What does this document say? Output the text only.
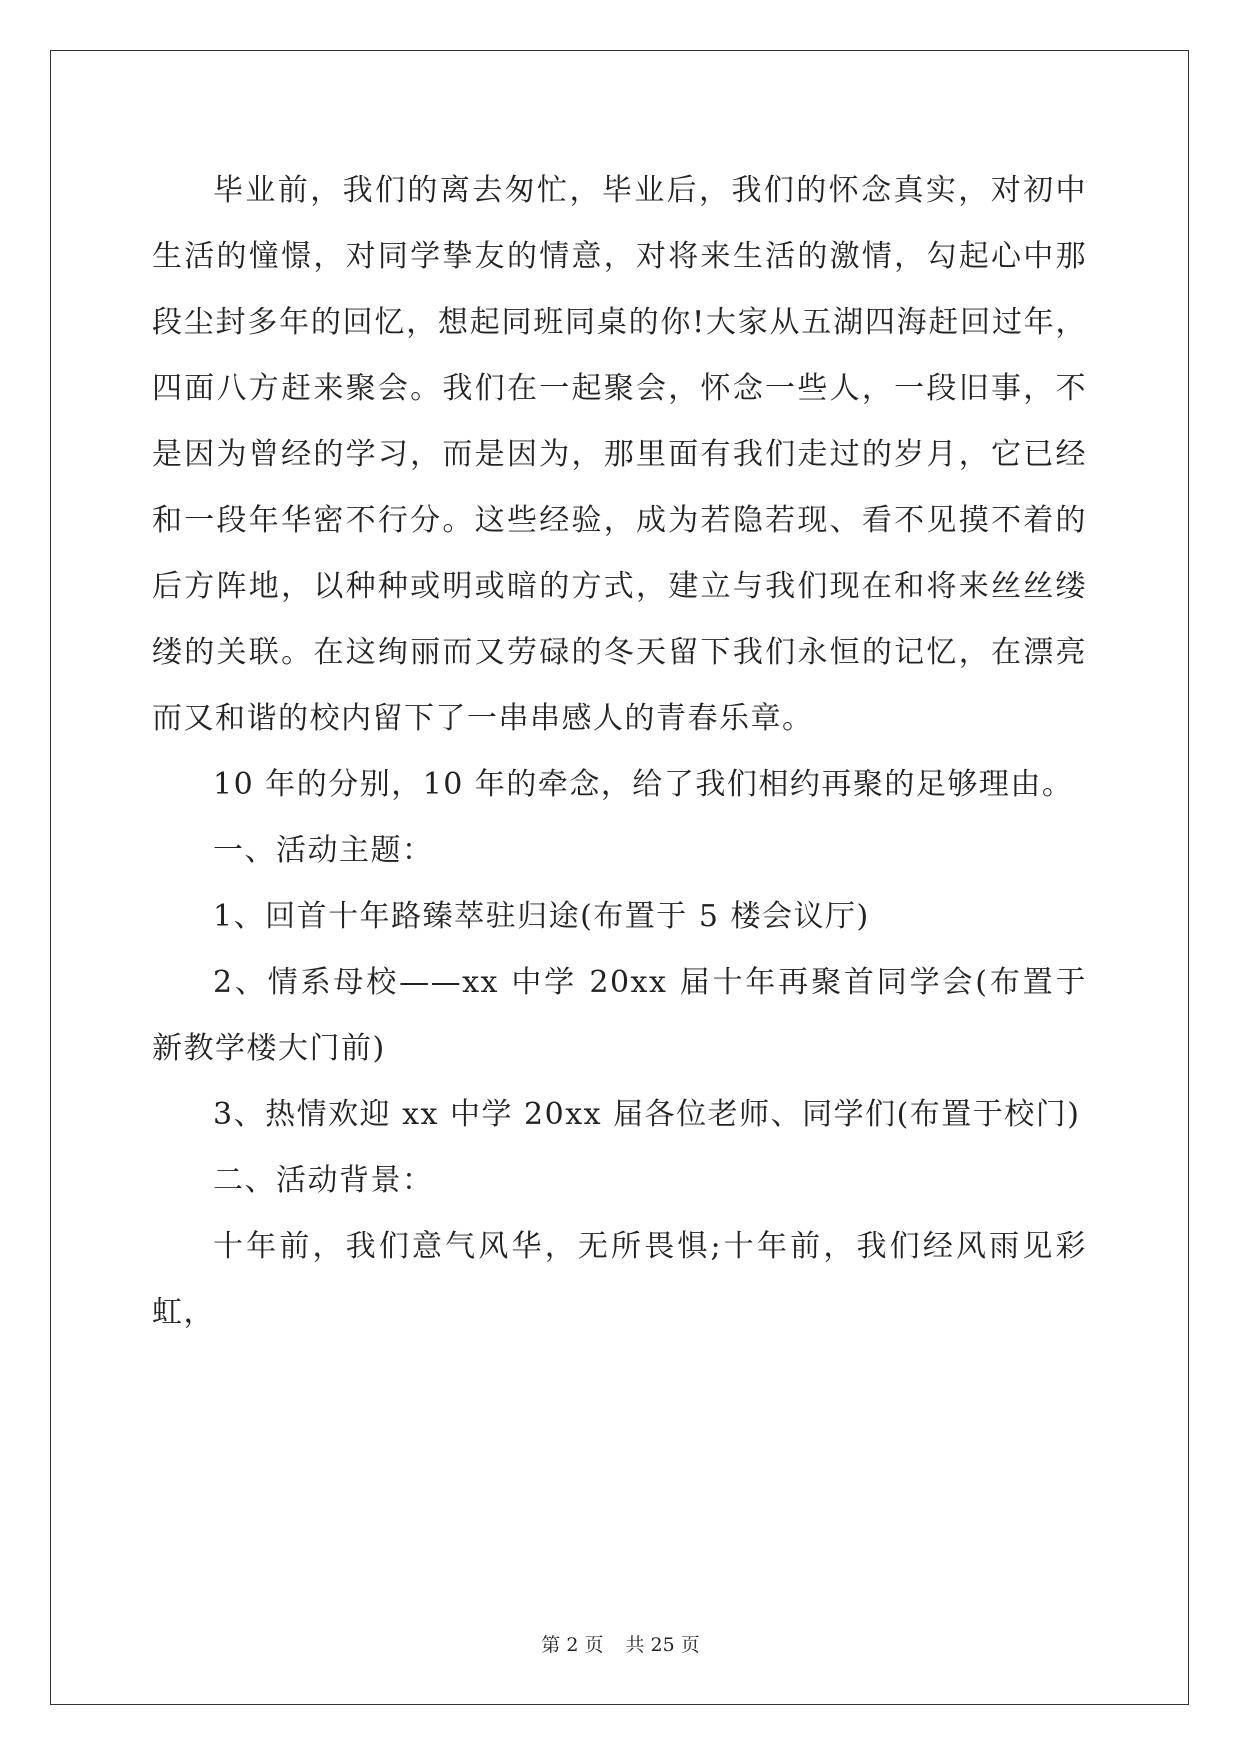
毕业前，我们的离去匆忙，毕业后，我们的怀念真实，对初中生活的憧憬，对同学挚友的情意，对将来生活的激情，勾起心中那段尘封多年的回忆，想起同班同桌的你!大家从五湖四海赶回过年，四面八方赶来聚会。我们在一起聚会，怀念一些人，一段旧事，不是因为曾经的学习，而是因为，那里面有我们走过的岁月，它已经和一段年华密不行分。这些经验，成为若隐若现、看不见摸不着的后方阵地，以种种或明或暗的方式，建立与我们现在和将来丝丝缕缕的关联。在这绚丽而又劳碌的冬天留下我们永恒的记忆，在漂亮而又和谐的校内留下了一串串感人的青春乐章。

10 年的分别，10 年的牵念，给了我们相约再聚的足够理由。

一、活动主题：

1、回首十年路臻萃驻归途(布置于 5 楼会议厅)

2、情系母校——xx 中学 20xx 届十年再聚首同学会(布置于新教学楼大门前)

3、热情欢迎 xx 中学 20xx 届各位老师、同学们(布置于校门)

二、活动背景：

十年前，我们意气风华，无所畏惧;十年前，我们经风雨见彩虹，

第 2 页 共 25 页
